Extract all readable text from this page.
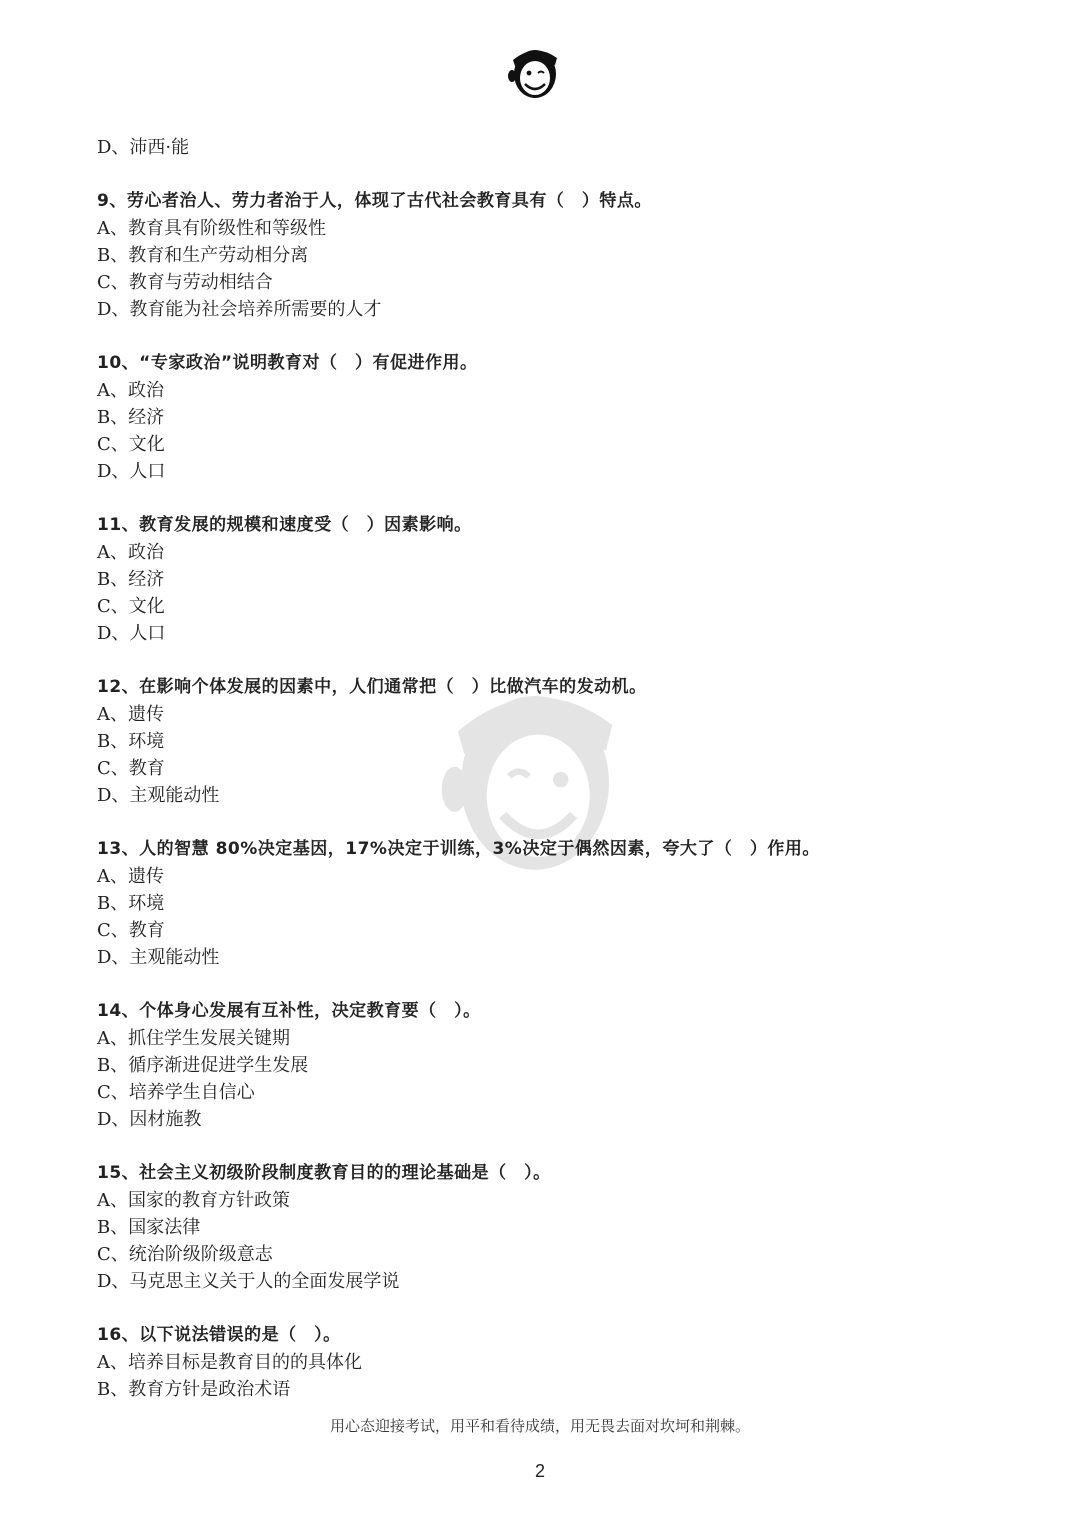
D、沛西·能
9、劳心者治人、劳力者治于人，体现了古代社会教育具有（　）特点。
A、教育具有阶级性和等级性
B、教育和生产劳动相分离
C、教育与劳动相结合
D、教育能为社会培养所需要的人才
10、“专家政治”说明教育对（　）有促进作用。
A、政治
B、经济
C、文化
D、人口
11、教育发展的规模和速度受（　）因素影响。
A、政治
B、经济
C、文化
D、人口
12、在影响个体发展的因素中，人们通常把（　）比做汽车的发动机。
A、遗传
B、环境
C、教育
D、主观能动性
13、人的智慧 80%决定基因，17%决定于训练，3%决定于偶然因素，夸大了（　）作用。
A、遗传
B、环境
C、教育
D、主观能动性
14、个体身心发展有互补性，决定教育要（　）。
A、抓住学生发展关键期
B、循序渐进促进学生发展
C、培养学生自信心
D、因材施教
15、社会主义初级阶段制度教育目的的理论基础是（　）。
A、国家的教育方针政策
B、国家法律
C、统治阶级阶级意志
D、马克思主义关于人的全面发展学说
16、以下说法错误的是（　）。
A、培养目标是教育目的的具体化
B、教育方针是政治术语
用心态迎接考试，用平和看待成绩，用无畏去面对坎坷和荆棘。
2
